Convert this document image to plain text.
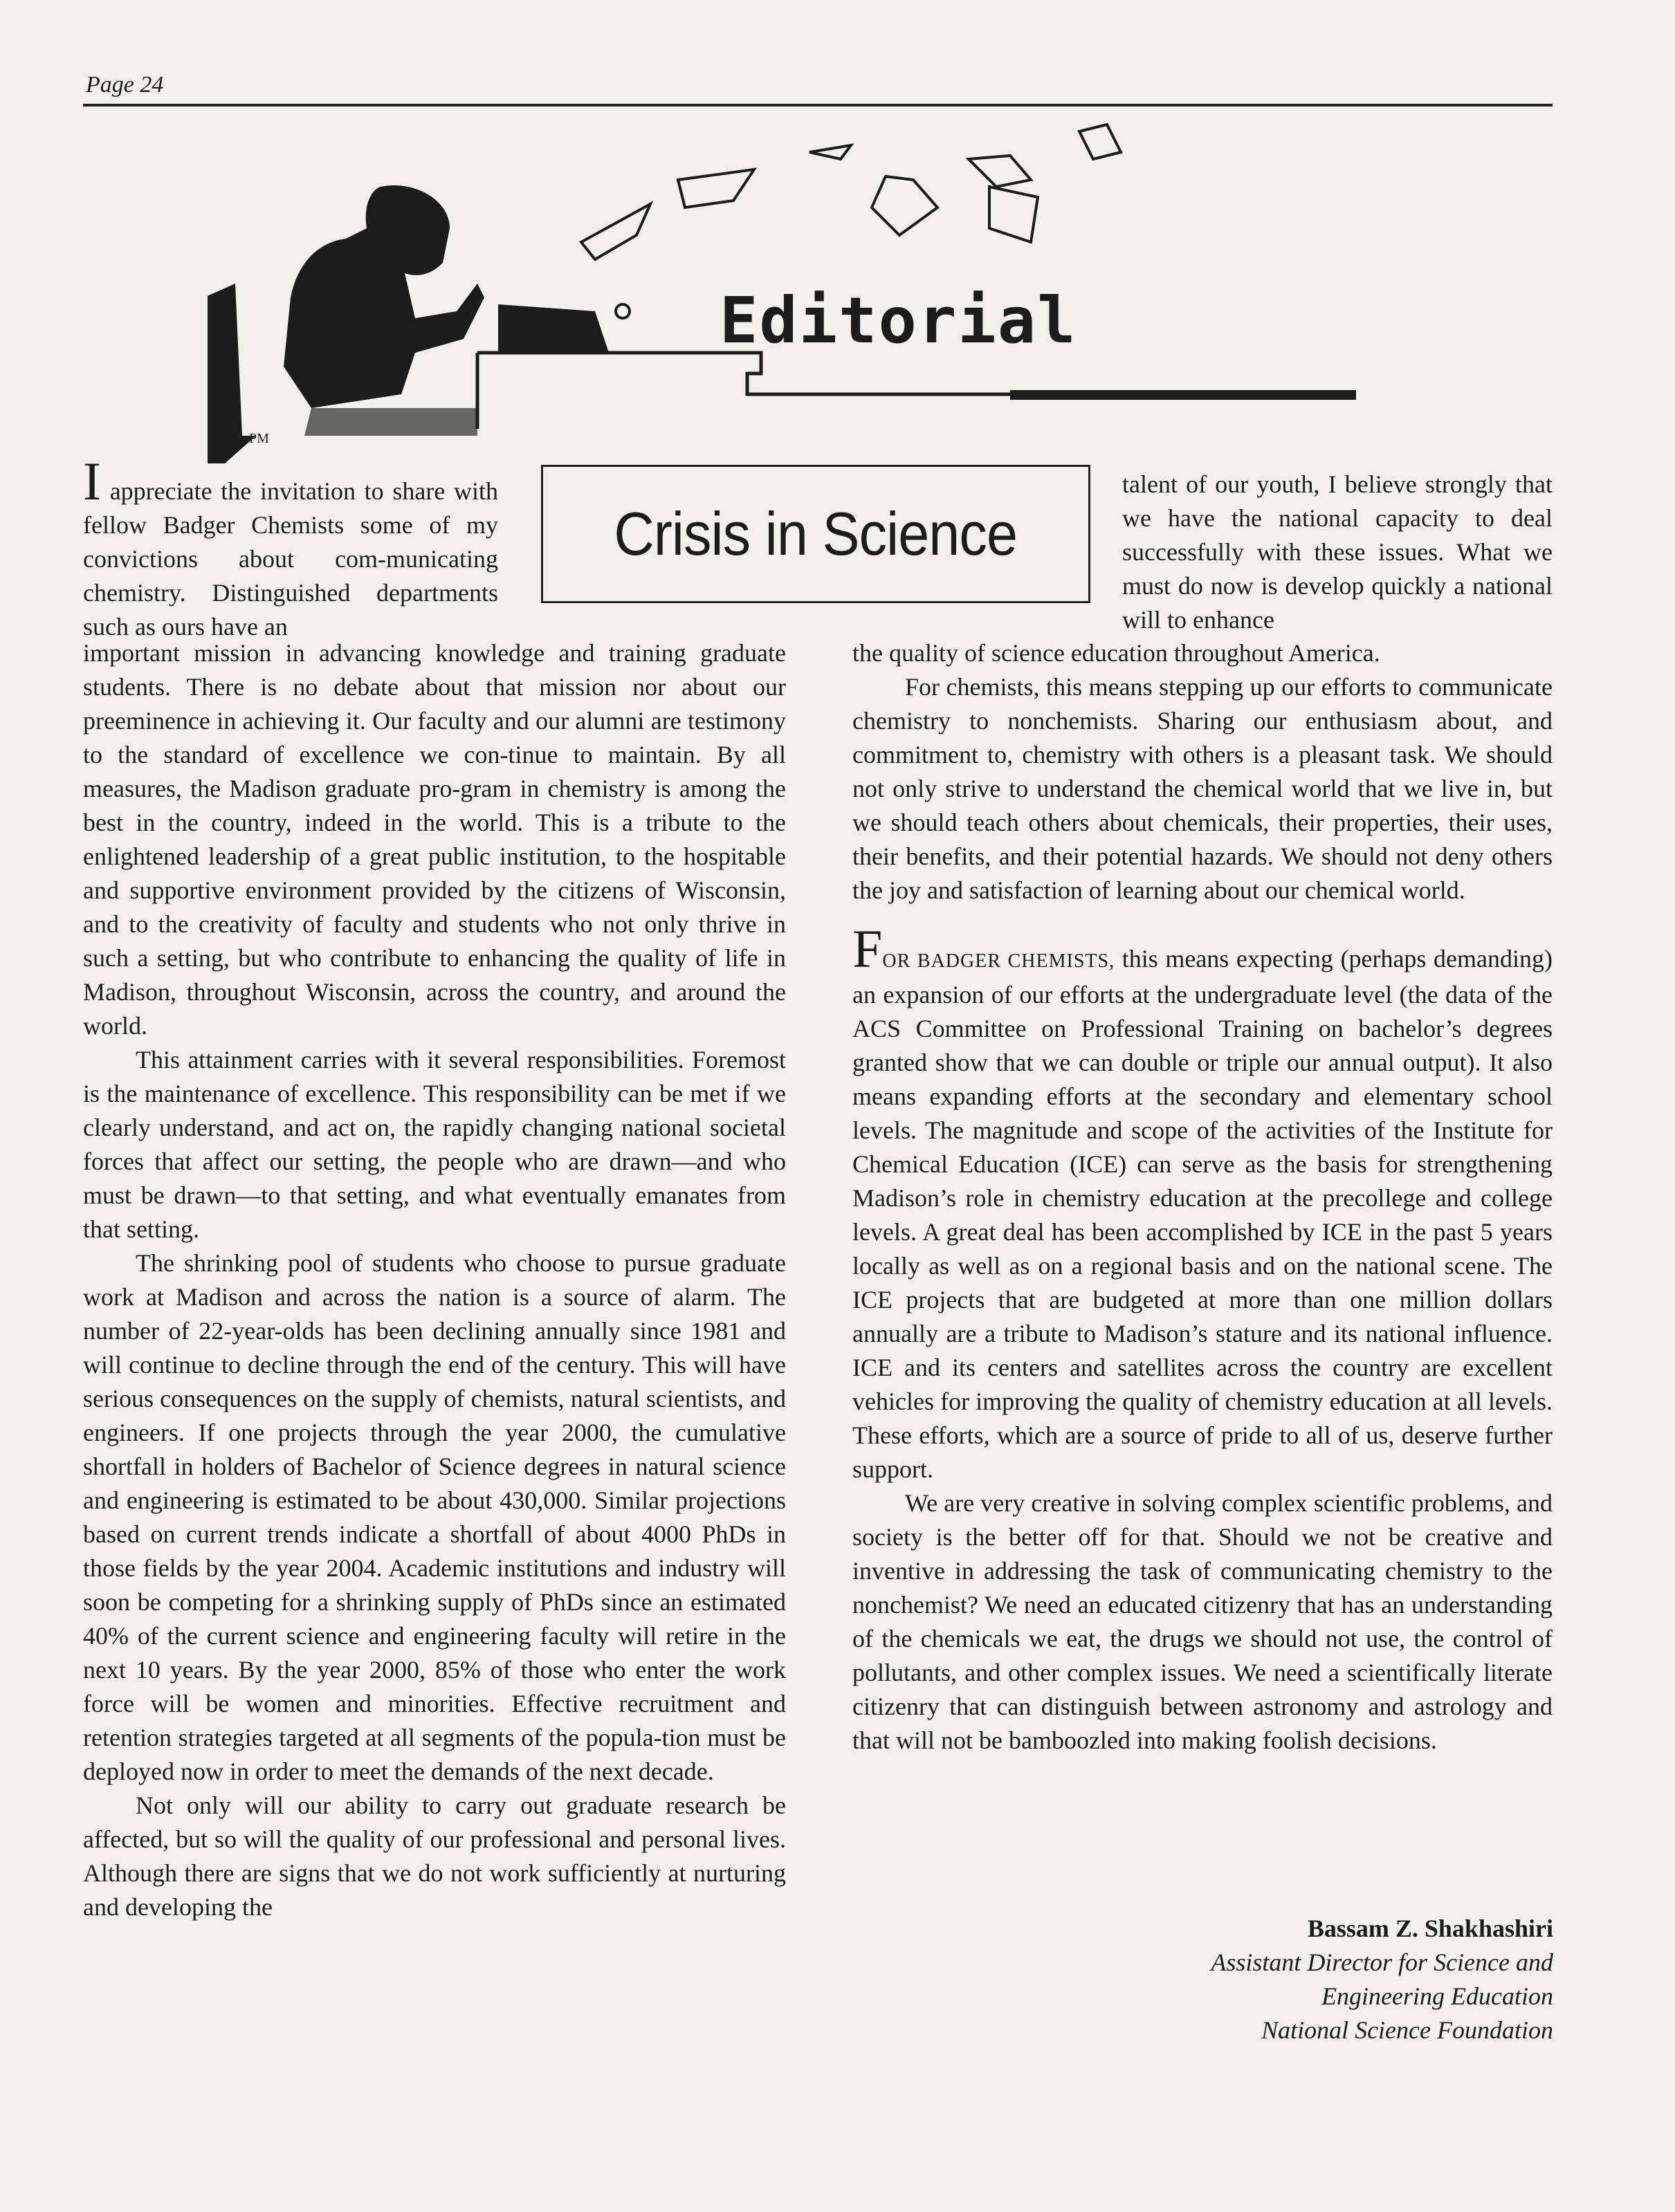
Page 24
PM
Editorial
Crisis in Science

I appreciate the invitation to share with fellow Badger Chemists some of my convictions about com-municating chemistry. Distinguished departments such as ours have an

important mission in advancing knowledge and training graduate students. There is no debate about that mission nor about our preeminence in achieving it. Our faculty and our alumni are testimony to the standard of excellence we con-tinue to maintain. By all measures, the Madison graduate pro-gram in chemistry is among the best in the country, indeed in the world. This is a tribute to the enlightened leadership of a great public institution, to the hospitable and supportive environment provided by the citizens of Wisconsin, and to the creativity of faculty and students who not only thrive in such a setting, but who contribute to enhancing the quality of life in Madison, throughout Wisconsin, across the country, and around the world.

This attainment carries with it several responsibilities. Foremost is the maintenance of excellence. This responsibility can be met if we clearly understand, and act on, the rapidly changing national societal forces that affect our setting, the people who are drawn—and who must be drawn—to that setting, and what eventually emanates from that setting.

The shrinking pool of students who choose to pursue graduate work at Madison and across the nation is a source of alarm. The number of 22-year-olds has been declining annually since 1981 and will continue to decline through the end of the century. This will have serious consequences on the supply of chemists, natural scientists, and engineers. If one projects through the year 2000, the cumulative shortfall in holders of Bachelor of Science degrees in natural science and engineering is estimated to be about 430,000. Similar projections based on current trends indicate a shortfall of about 4000 PhDs in those fields by the year 2004. Academic institutions and industry will soon be competing for a shrinking supply of PhDs since an estimated 40% of the current science and engineering faculty will retire in the next 10 years. By the year 2000, 85% of those who enter the work force will be women and minorities. Effective recruitment and retention strategies targeted at all segments of the popula-tion must be deployed now in order to meet the demands of the next decade.

Not only will our ability to carry out graduate research be affected, but so will the quality of our professional and personal lives. Although there are signs that we do not work sufficiently at nurturing and developing the

talent of our youth, I believe strongly that we have the national capacity to deal successfully with these issues. What we must do now is develop quickly a national will to enhance

the quality of science education throughout America.

For chemists, this means stepping up our efforts to communicate chemistry to nonchemists. Sharing our enthusiasm about, and commitment to, chemistry with others is a pleasant task. We should not only strive to understand the chemical world that we live in, but we should teach others about chemicals, their properties, their uses, their benefits, and their potential hazards. We should not deny others the joy and satisfaction of learning about our chemical world.

FOR BADGER CHEMISTS, this means expecting (perhaps demanding) an expansion of our efforts at the undergraduate level (the data of the ACS Committee on Professional Training on bachelor’s degrees granted show that we can double or triple our annual output). It also means expanding efforts at the secondary and elementary school levels. The magnitude and scope of the activities of the Institute for Chemical Education (ICE) can serve as the basis for strengthening Madison’s role in chemistry education at the precollege and college levels. A great deal has been accomplished by ICE in the past 5 years locally as well as on a regional basis and on the national scene. The ICE projects that are budgeted at more than one million dollars annually are a tribute to Madison’s stature and its national influence. ICE and its centers and satellites across the country are excellent vehicles for improving the quality of chemistry education at all levels. These efforts, which are a source of pride to all of us, deserve further support.

We are very creative in solving complex scientific problems, and society is the better off for that. Should we not be creative and inventive in addressing the task of communicating chemistry to the nonchemist? We need an educated citizenry that has an understanding of the chemicals we eat, the drugs we should not use, the control of pollutants, and other complex issues. We need a scientifically literate citizenry that can distinguish between astronomy and astrology and that will not be bamboozled into making foolish decisions.

Bassam Z. Shakhashiri
Assistant Director for Science and
Engineering Education
National Science Foundation
